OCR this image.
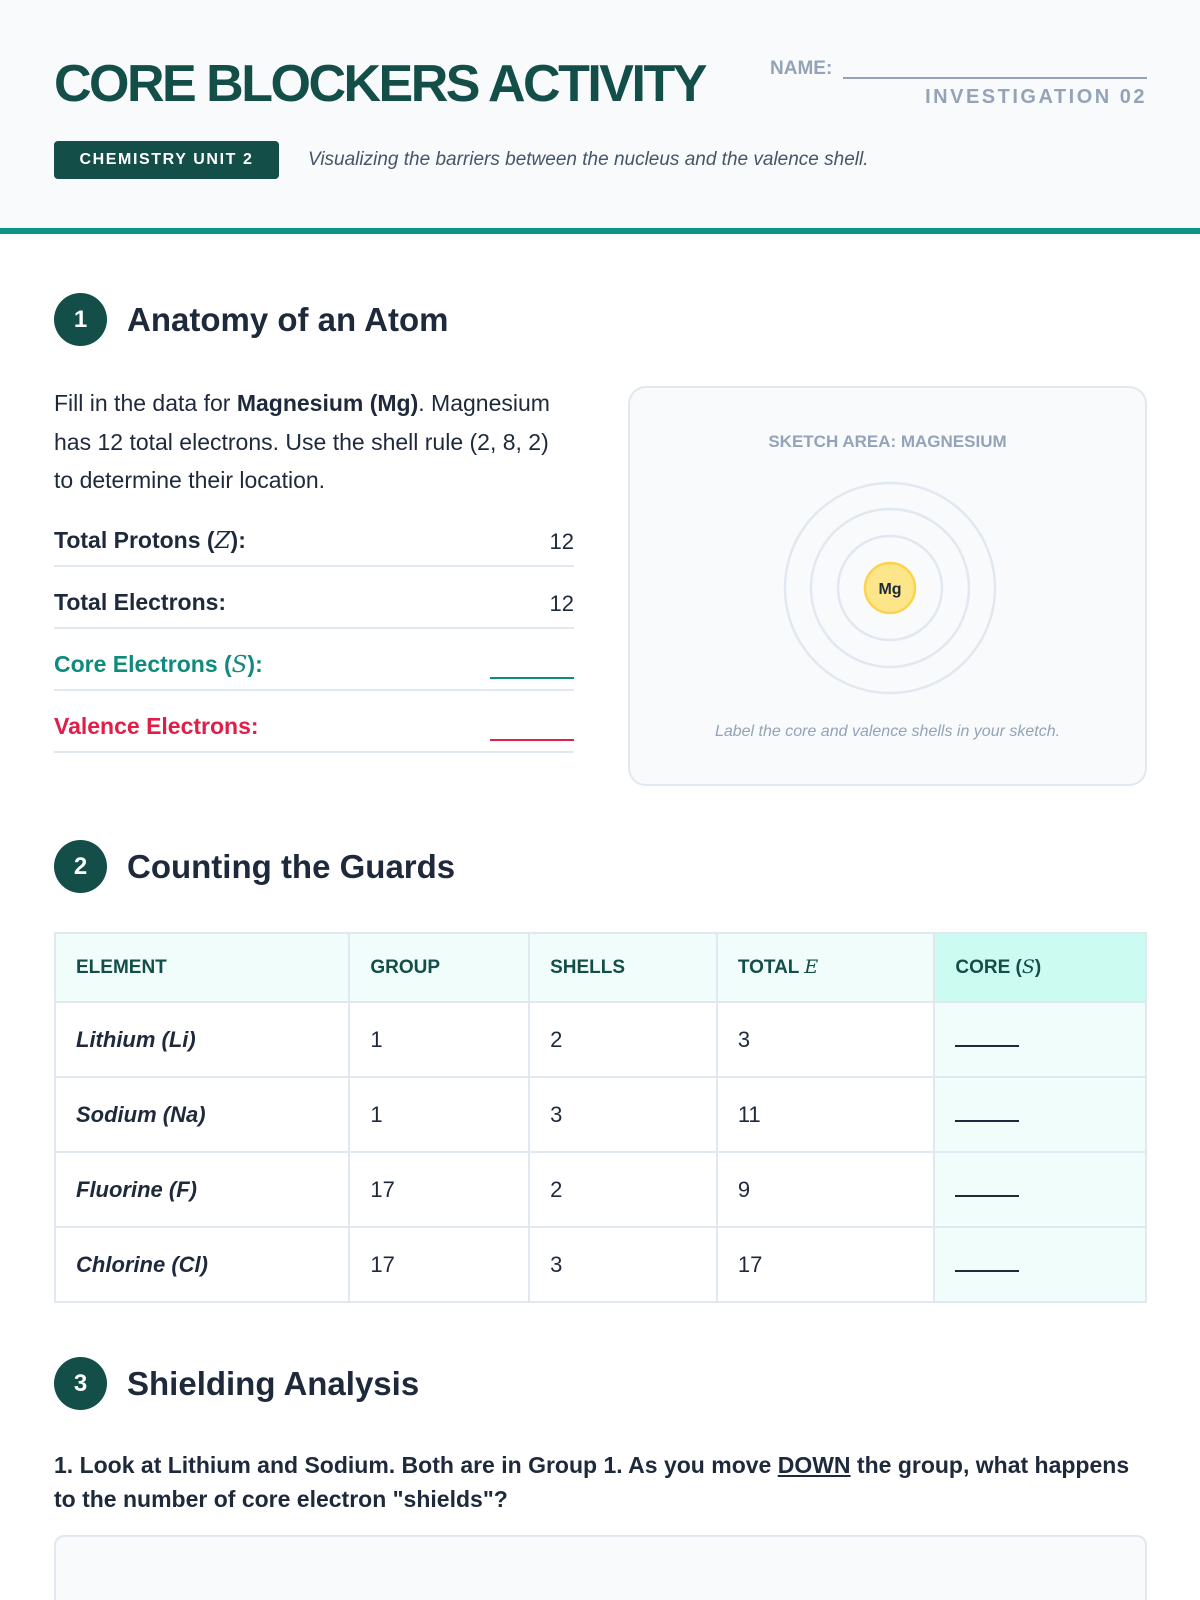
CORE BLOCKERS ACTIVITY	NAME:
INVESTIGATION 02
CHEMISTRY UNIT 2	Visualizing the barriers between the nucleus and the valence shell.
1	Anatomy of an Atom
Fill in the data for Magnesium (Mg). Magnesium has 12 total electrons. Use the shell rule (2, 8, 2) to determine their location.
Total Protons (Z):	12
Total Electrons:	12
Core Electrons (S):
Valence Electrons:
SKETCH AREA: MAGNESIUM
Mg
Label the core and valence shells in your sketch.
2	Counting the Guards
ELEMENT	GROUP	SHELLS	TOTAL E	CORE (S)
Lithium (Li)	1	2	3	
Sodium (Na)	1	3	11	
Fluorine (F)	17	2	9	
Chlorine (Cl)	17	3	17	
3	Shielding Analysis
1. Look at Lithium and Sodium. Both are in Group 1. As you move DOWN the group, what happens to the number of core electron "shields"?
